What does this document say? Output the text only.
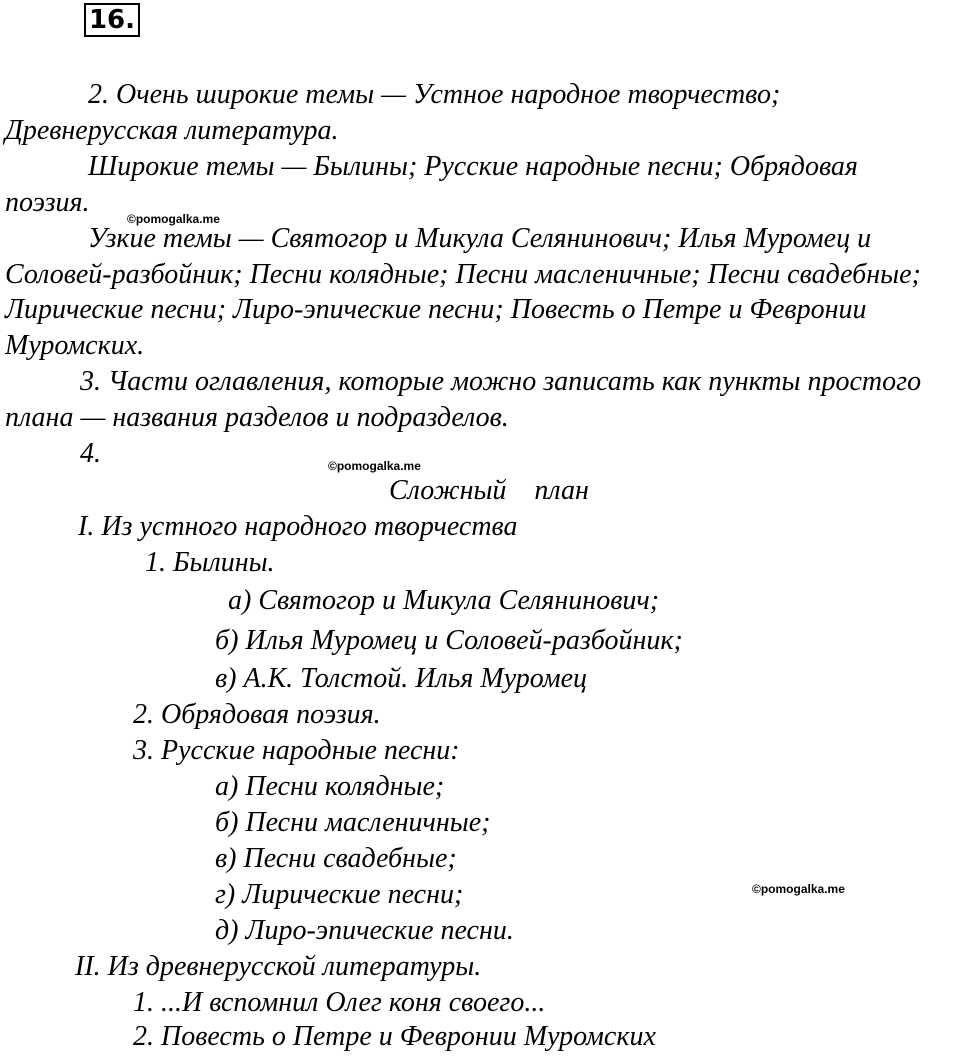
16.
2. Очень широкие темы — Устное народное творчество;
Древнерусская литература.
Широкие темы — Былины; Русские народные песни; Обрядовая
поэзия.
©pomogalka.me
Узкие темы — Святогор и Микула Селянинович; Илья Муромец и
Соловей-разбойник; Песни колядные; Песни масленичные; Песни свадебные;
Лирические песни; Лиро-эпические песни; Повесть о Петре и Февронии
Муромских.
3. Части оглавления, которые можно записать как пункты простого
плана — названия разделов и подразделов.
4.	©pomogalka.me
Сложный    план
I. Из устного народного творчества
1. Былины.
а) Святогор и Микула Селянинович;
б) Илья Муромец и Соловей-разбойник;
в) А.К. Толстой. Илья Муромец
2. Обрядовая поэзия.
3. Русские народные песни:
а) Песни колядные;
б) Песни масленичные;
в) Песни свадебные;
г) Лирические песни;	©pomogalka.me
д) Лиро-эпические песни.
II. Из древнерусской литературы.
1. ...И вспомнил Олег коня своего...
2. Повесть о Петре и Февронии Муромских
